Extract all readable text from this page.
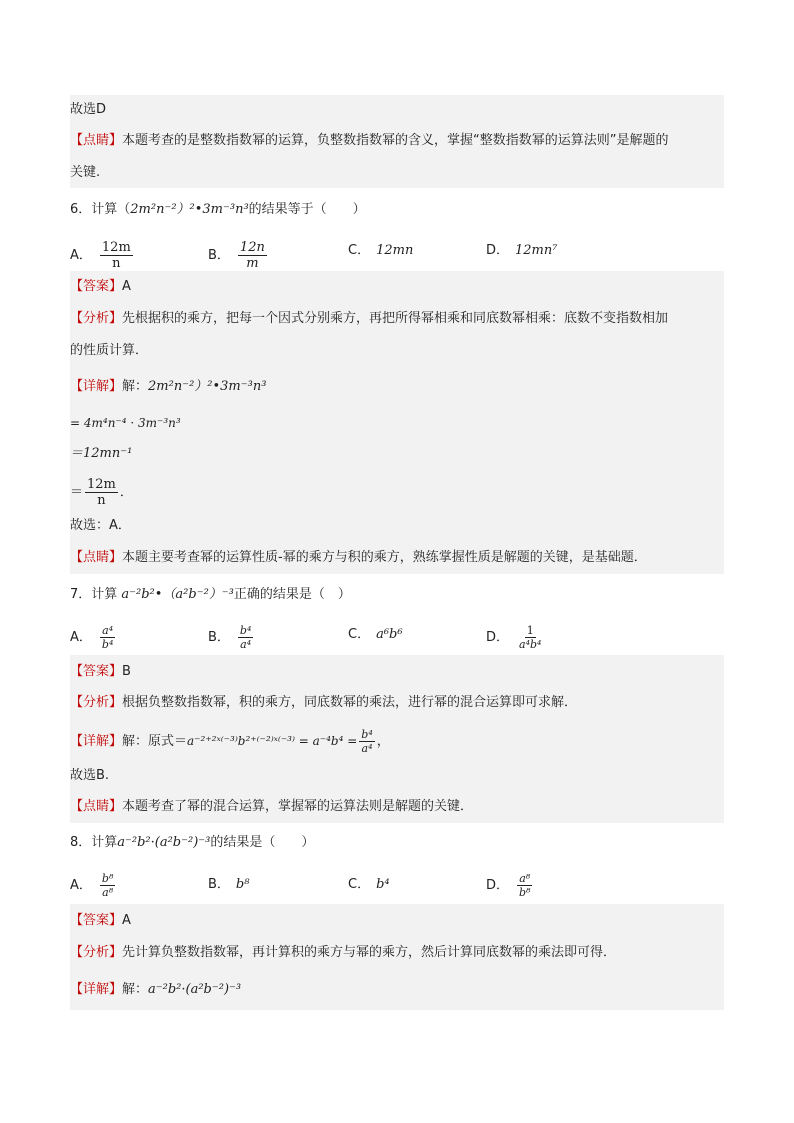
故选D
【点睛】本题考查的是整数指数幂的运算，负整数指数幂的含义，掌握“整数指数幂的运算法则”是解题的
关键.
6．计算（2m²n⁻²）²•3m⁻³n³的结果等于（　　）
A． $\frac{12m}{n}$	B． $\frac{12n}{m}$	C． 12mn	D． 12mn⁷
【答案】A
【分析】先根据积的乘方，把每一个因式分别乘方，再把所得幂相乘和同底数幂相乘：底数不变指数相加
的性质计算．
【详解】解：2m²n⁻²）²•3m⁻³n³
= 4m⁴n⁻⁴ · 3m⁻³n³
＝12mn⁻¹
＝ $\frac{12m}{n}$ ．
故选：A．
【点睛】本题主要考查幂的运算性质-幂的乘方与积的乘方，熟练掌握性质是解题的关键，是基础题．
7．计算 a⁻²b²•（a²b⁻²）⁻³正确的结果是（　）
A． $\frac{\text{a⁴}}{\text{b⁴}}$	B． $\frac{\text{b⁴}}{\text{a⁴}}$	C． a⁶b⁶	D． $\frac{1}{\text{a⁴b⁴}}$
【答案】B
【分析】根据负整数指数幂，积的乘方，同底数幂的乘法，进行幂的混合运算即可求解．
【详解】解：原式＝a⁻²⁺²ˣ⁽⁻³⁾b²⁺⁽⁻²⁾ˣ⁽⁻³⁾ = $a^{-4}b^4 = \frac{\text{b⁴}}{\text{a⁴}}$ ，
故选B.
【点睛】本题考查了幂的混合运算，掌握幂的运算法则是解题的关键．
8．计算a⁻²b²·(a²b⁻²)⁻³的结果是（　　）
A． $\frac{\text{b⁸}}{\text{a⁸}}$	B． b⁸	C． b⁴	D． $\frac{\text{a⁸}}{\text{b⁸}}$
【答案】A
【分析】先计算负整数指数幂，再计算积的乘方与幂的乘方，然后计算同底数幂的乘法即可得．
【详解】解：a⁻²b²·(a²b⁻²)⁻³
